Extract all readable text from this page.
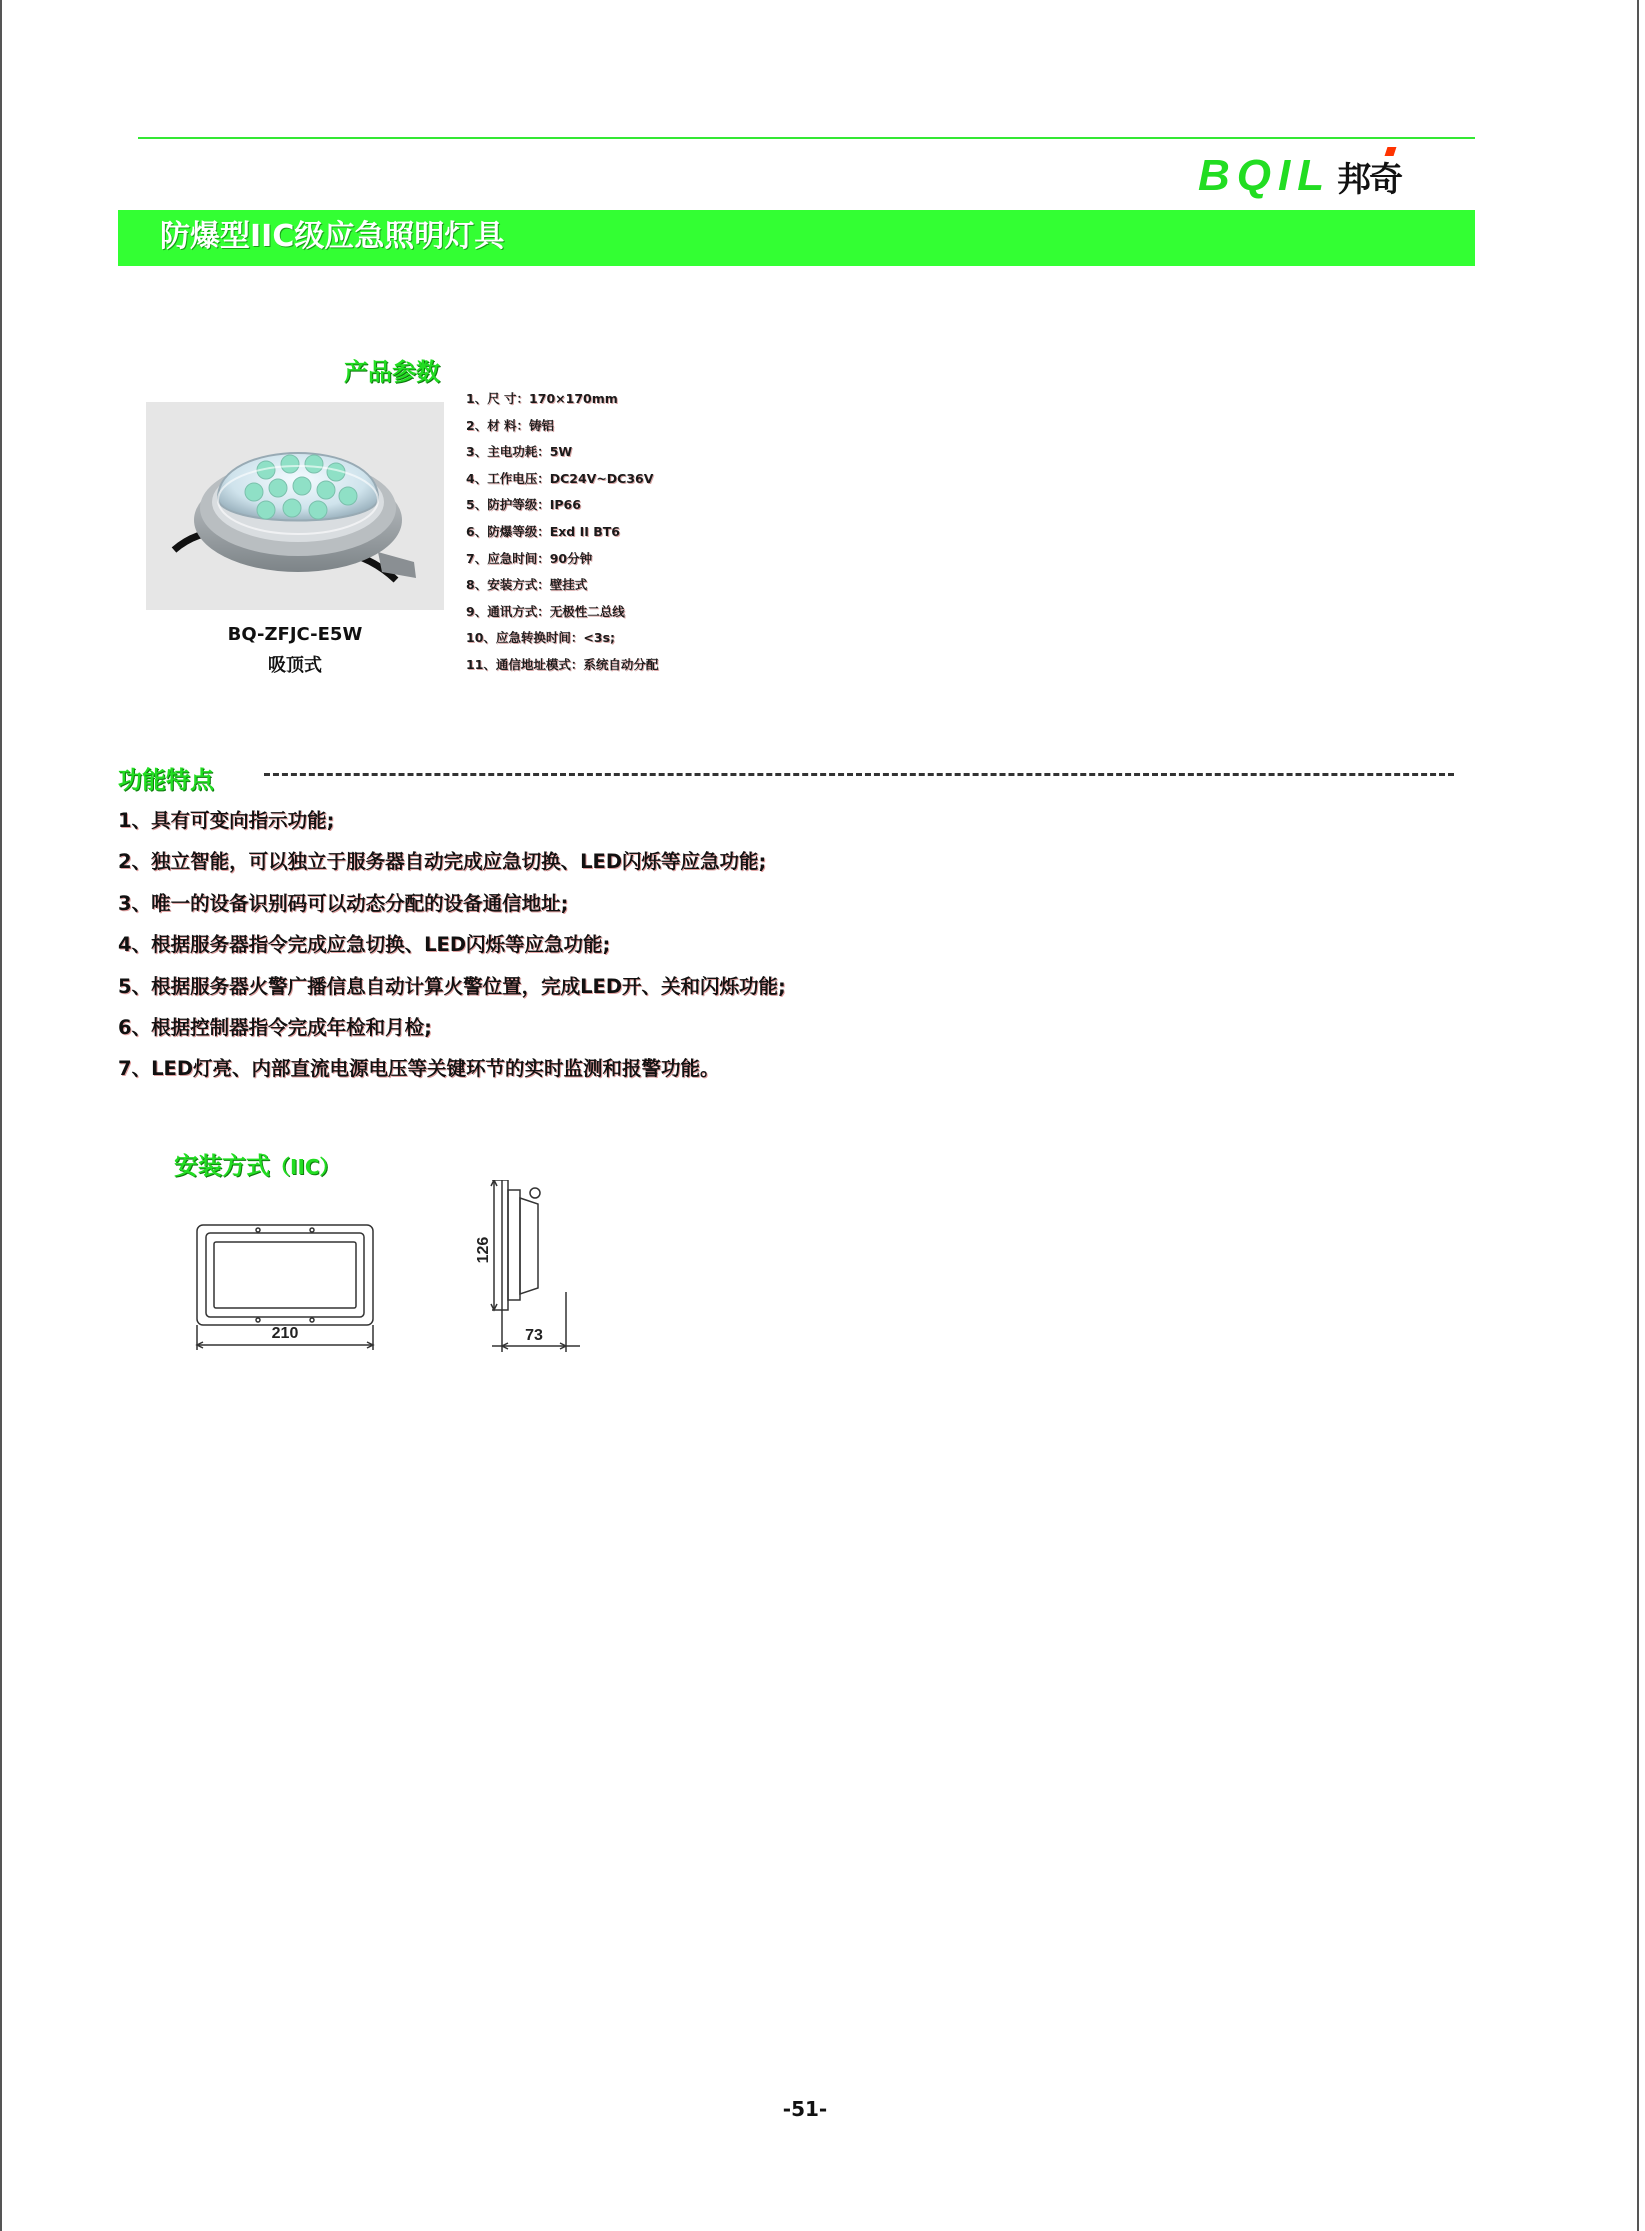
BQIL 邦奇
防爆型IIC级应急照明灯具
产品参数
BQ-ZFJC-E5W
吸顶式
1、尺 寸：170×170mm
2、材 料：铸铝
3、主电功耗：5W
4、工作电压：DC24V~DC36V
5、防护等级：IP66
6、防爆等级：Exd II BT6
7、应急时间：90分钟
8、安装方式：壁挂式
9、通讯方式：无极性二总线
10、应急转换时间：<3s;
11、通信地址模式：系统自动分配
功能特点
1、具有可变向指示功能;
2、独立智能，可以独立于服务器自动完成应急切换、LED闪烁等应急功能;
3、唯一的设备识别码可以动态分配的设备通信地址;
4、根据服务器指令完成应急切换、LED闪烁等应急功能;
5、根据服务器火警广播信息自动计算火警位置，完成LED开、关和闪烁功能;
6、根据控制器指令完成年检和月检;
7、LED灯亮、内部直流电源电压等关键环节的实时监测和报警功能。
安装方式（IIC）
210
126
73
-51-
